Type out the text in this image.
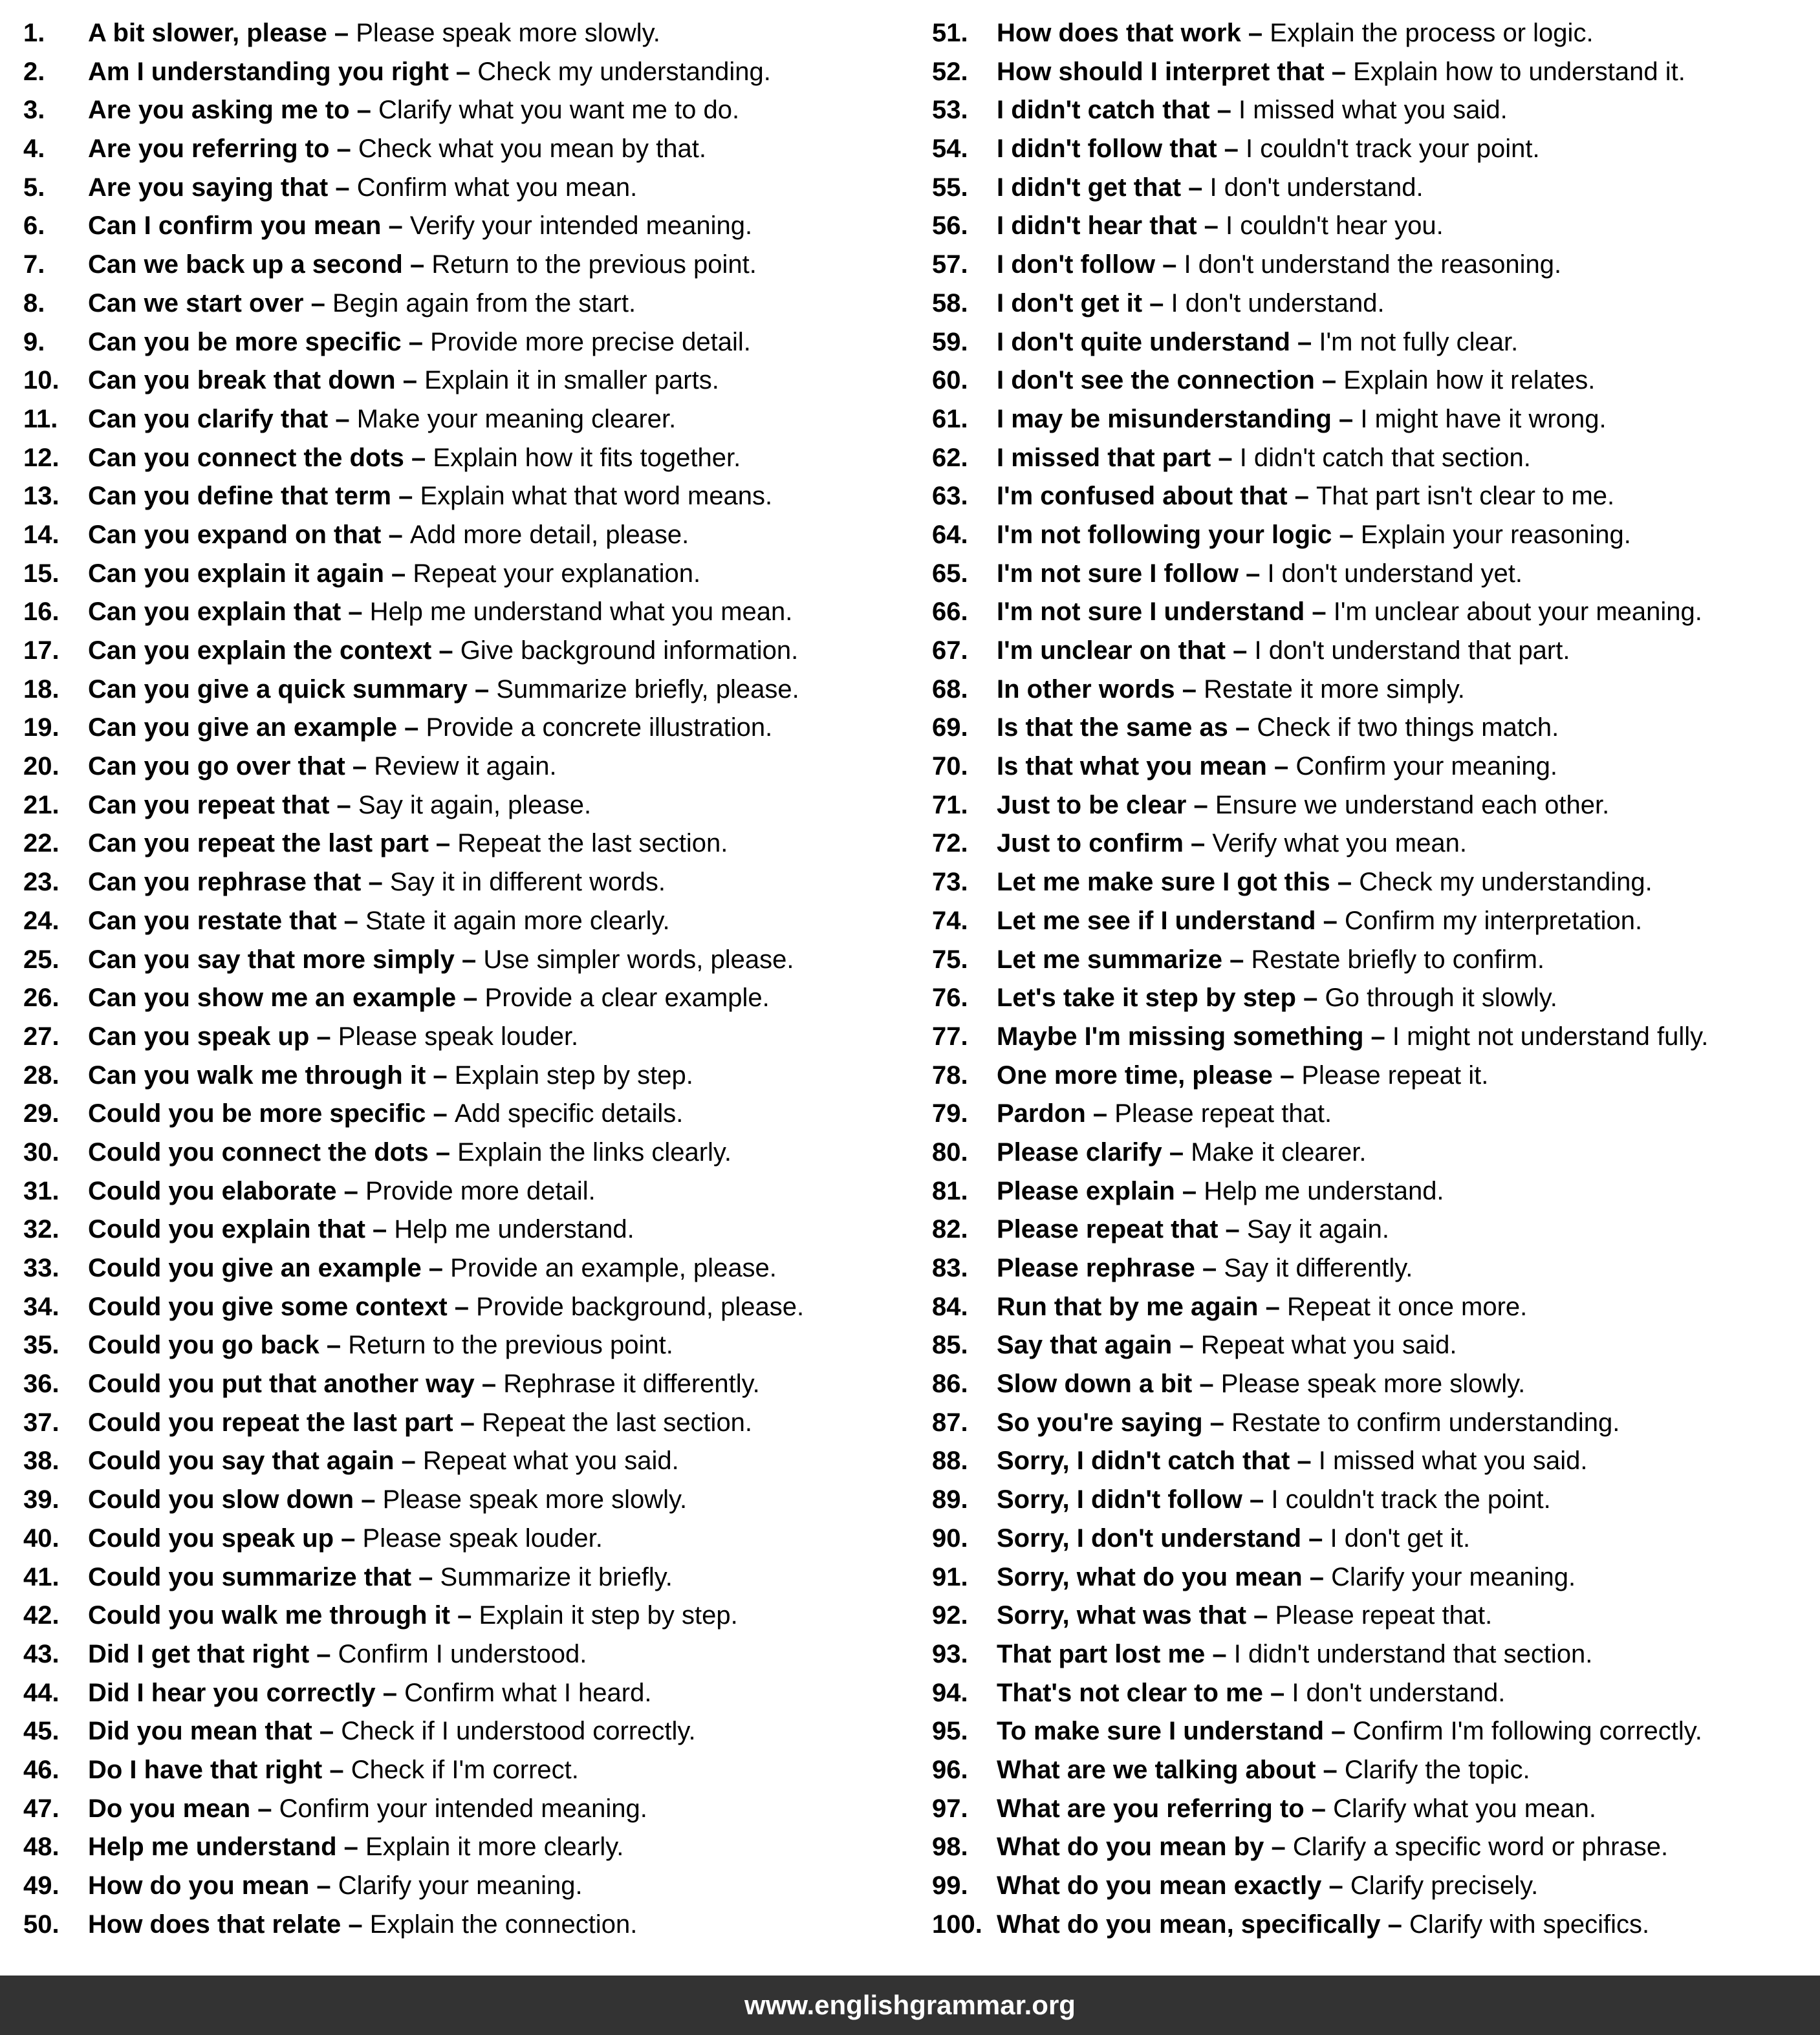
1.	A bit slower, please – Please speak more slowly.
2.	Am I understanding you right – Check my understanding.
3.	Are you asking me to – Clarify what you want me to do.
4.	Are you referring to – Check what you mean by that.
5.	Are you saying that – Confirm what you mean.
6.	Can I confirm you mean – Verify your intended meaning.
7.	Can we back up a second – Return to the previous point.
8.	Can we start over – Begin again from the start.
9.	Can you be more specific – Provide more precise detail.
10.	Can you break that down – Explain it in smaller parts.
11.	Can you clarify that – Make your meaning clearer.
12.	Can you connect the dots – Explain how it fits together.
13.	Can you define that term – Explain what that word means.
14.	Can you expand on that – Add more detail, please.
15.	Can you explain it again – Repeat your explanation.
16.	Can you explain that – Help me understand what you mean.
17.	Can you explain the context – Give background information.
18.	Can you give a quick summary – Summarize briefly, please.
19.	Can you give an example – Provide a concrete illustration.
20.	Can you go over that – Review it again.
21.	Can you repeat that – Say it again, please.
22.	Can you repeat the last part – Repeat the last section.
23.	Can you rephrase that – Say it in different words.
24.	Can you restate that – State it again more clearly.
25.	Can you say that more simply – Use simpler words, please.
26.	Can you show me an example – Provide a clear example.
27.	Can you speak up – Please speak louder.
28.	Can you walk me through it – Explain step by step.
29.	Could you be more specific – Add specific details.
30.	Could you connect the dots – Explain the links clearly.
31.	Could you elaborate – Provide more detail.
32.	Could you explain that – Help me understand.
33.	Could you give an example – Provide an example, please.
34.	Could you give some context – Provide background, please.
35.	Could you go back – Return to the previous point.
36.	Could you put that another way – Rephrase it differently.
37.	Could you repeat the last part – Repeat the last section.
38.	Could you say that again – Repeat what you said.
39.	Could you slow down – Please speak more slowly.
40.	Could you speak up – Please speak louder.
41.	Could you summarize that – Summarize it briefly.
42.	Could you walk me through it – Explain it step by step.
43.	Did I get that right – Confirm I understood.
44.	Did I hear you correctly – Confirm what I heard.
45.	Did you mean that – Check if I understood correctly.
46.	Do I have that right – Check if I'm correct.
47.	Do you mean – Confirm your intended meaning.
48.	Help me understand – Explain it more clearly.
49.	How do you mean – Clarify your meaning.
50.	How does that relate – Explain the connection.
51.	How does that work – Explain the process or logic.
52.	How should I interpret that – Explain how to understand it.
53.	I didn't catch that – I missed what you said.
54.	I didn't follow that – I couldn't track your point.
55.	I didn't get that – I don't understand.
56.	I didn't hear that – I couldn't hear you.
57.	I don't follow – I don't understand the reasoning.
58.	I don't get it – I don't understand.
59.	I don't quite understand – I'm not fully clear.
60.	I don't see the connection – Explain how it relates.
61.	I may be misunderstanding – I might have it wrong.
62.	I missed that part – I didn't catch that section.
63.	I'm confused about that – That part isn't clear to me.
64.	I'm not following your logic – Explain your reasoning.
65.	I'm not sure I follow – I don't understand yet.
66.	I'm not sure I understand – I'm unclear about your meaning.
67.	I'm unclear on that – I don't understand that part.
68.	In other words – Restate it more simply.
69.	Is that the same as – Check if two things match.
70.	Is that what you mean – Confirm your meaning.
71.	Just to be clear – Ensure we understand each other.
72.	Just to confirm – Verify what you mean.
73.	Let me make sure I got this – Check my understanding.
74.	Let me see if I understand – Confirm my interpretation.
75.	Let me summarize – Restate briefly to confirm.
76.	Let's take it step by step – Go through it slowly.
77.	Maybe I'm missing something – I might not understand fully.
78.	One more time, please – Please repeat it.
79.	Pardon – Please repeat that.
80.	Please clarify – Make it clearer.
81.	Please explain – Help me understand.
82.	Please repeat that – Say it again.
83.	Please rephrase – Say it differently.
84.	Run that by me again – Repeat it once more.
85.	Say that again – Repeat what you said.
86.	Slow down a bit – Please speak more slowly.
87.	So you're saying – Restate to confirm understanding.
88.	Sorry, I didn't catch that – I missed what you said.
89.	Sorry, I didn't follow – I couldn't track the point.
90.	Sorry, I don't understand – I don't get it.
91.	Sorry, what do you mean – Clarify your meaning.
92.	Sorry, what was that – Please repeat that.
93.	That part lost me – I didn't understand that section.
94.	That's not clear to me – I don't understand.
95.	To make sure I understand – Confirm I'm following correctly.
96.	What are we talking about – Clarify the topic.
97.	What are you referring to – Clarify what you mean.
98.	What do you mean by – Clarify a specific word or phrase.
99.	What do you mean exactly – Clarify precisely.
100. What do you mean, specifically – Clarify with specifics.
www.englishgrammar.org
